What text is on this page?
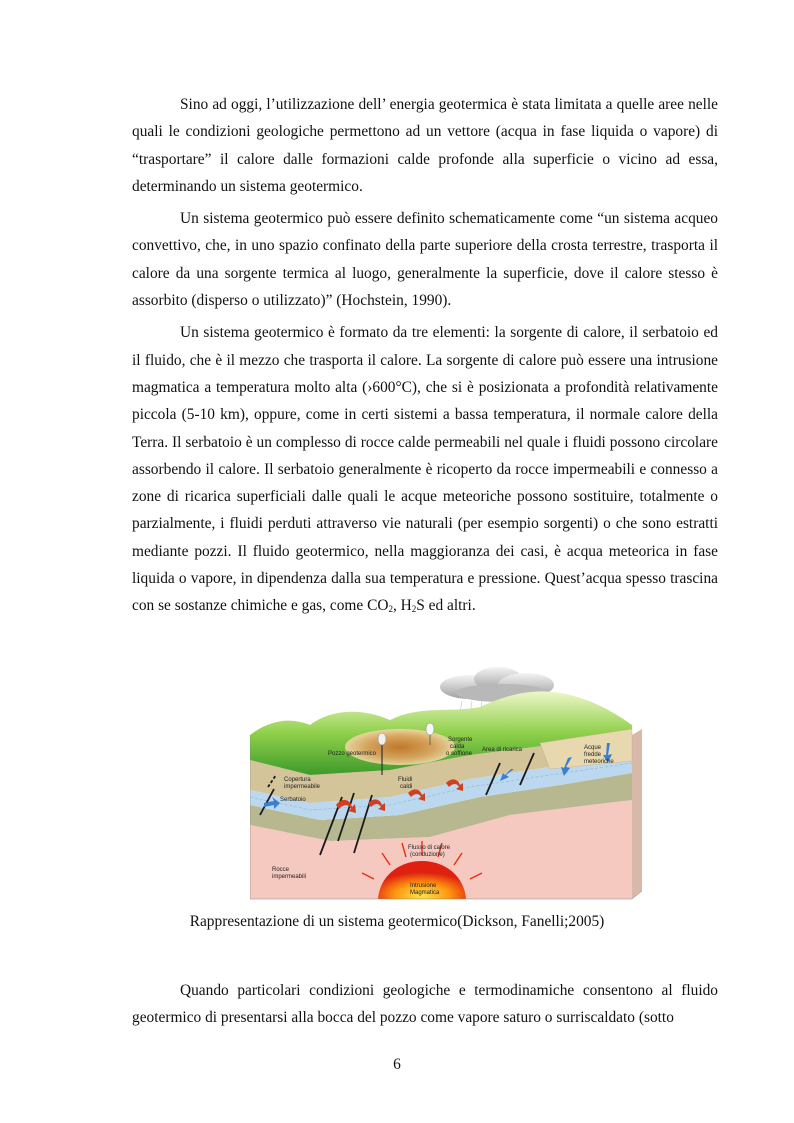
Sino ad oggi, l’utilizzazione dell’ energia geotermica è stata limitata a quelle aree nelle quali le condizioni geologiche permettono ad un vettore (acqua in fase liquida o vapore) di “trasportare” il calore dalle formazioni calde profonde alla superficie o vicino ad essa, determinando un sistema geotermico.

Un sistema geotermico può essere definito schematicamente come “un sistema acqueo convettivo, che, in uno spazio confinato della parte superiore della crosta terrestre, trasporta il calore da una sorgente termica al luogo, generalmente la superficie, dove il calore stesso è assorbito (disperso o utilizzato)” (Hochstein, 1990).

Un sistema geotermico è formato da tre elementi: la sorgente di calore, il serbatoio ed il fluido, che è il mezzo che trasporta il calore. La sorgente di calore può essere una intrusione magmatica a temperatura molto alta (›600°C), che si è posizionata a profondità relativamente piccola (5-10 km), oppure, come in certi sistemi a bassa temperatura, il normale calore della Terra. Il serbatoio è un complesso di rocce calde permeabili nel quale i fluidi possono circolare assorbendo il calore. Il serbatoio generalmente è ricoperto da rocce impermeabili e connesso a zone di ricarica superficiali dalle quali le acque meteoriche possono sostituire, totalmente o parzialmente, i fluidi perduti attraverso vie naturali (per esempio sorgenti) o che sono estratti mediante pozzi. Il fluido geotermico, nella maggioranza dei casi, è acqua meteorica in fase liquida o vapore, in dipendenza dalla sua temperatura e pressione. Quest’acqua spesso trascina con se sostanze chimiche e gas, come $CO_2$, $H_2S$ ed altri.

Area di ricarica
Pozzo geotermico
Sorgente
calda
o soffione
Acque
fredde
meteoriche
Copertura
impermeabile
Serbatoio
Fluidi
caldi
Flusso di calore
(conduzione)
Rocce
impermeabili
Intrusione
Magmatica
Rappresentazione di un sistema geotermico(Dickson, Fanelli;2005)

Quando particolari condizioni geologiche e termodinamiche consentono al fluido geotermico di presentarsi alla bocca del pozzo come vapore saturo o surriscaldato (sotto

6
